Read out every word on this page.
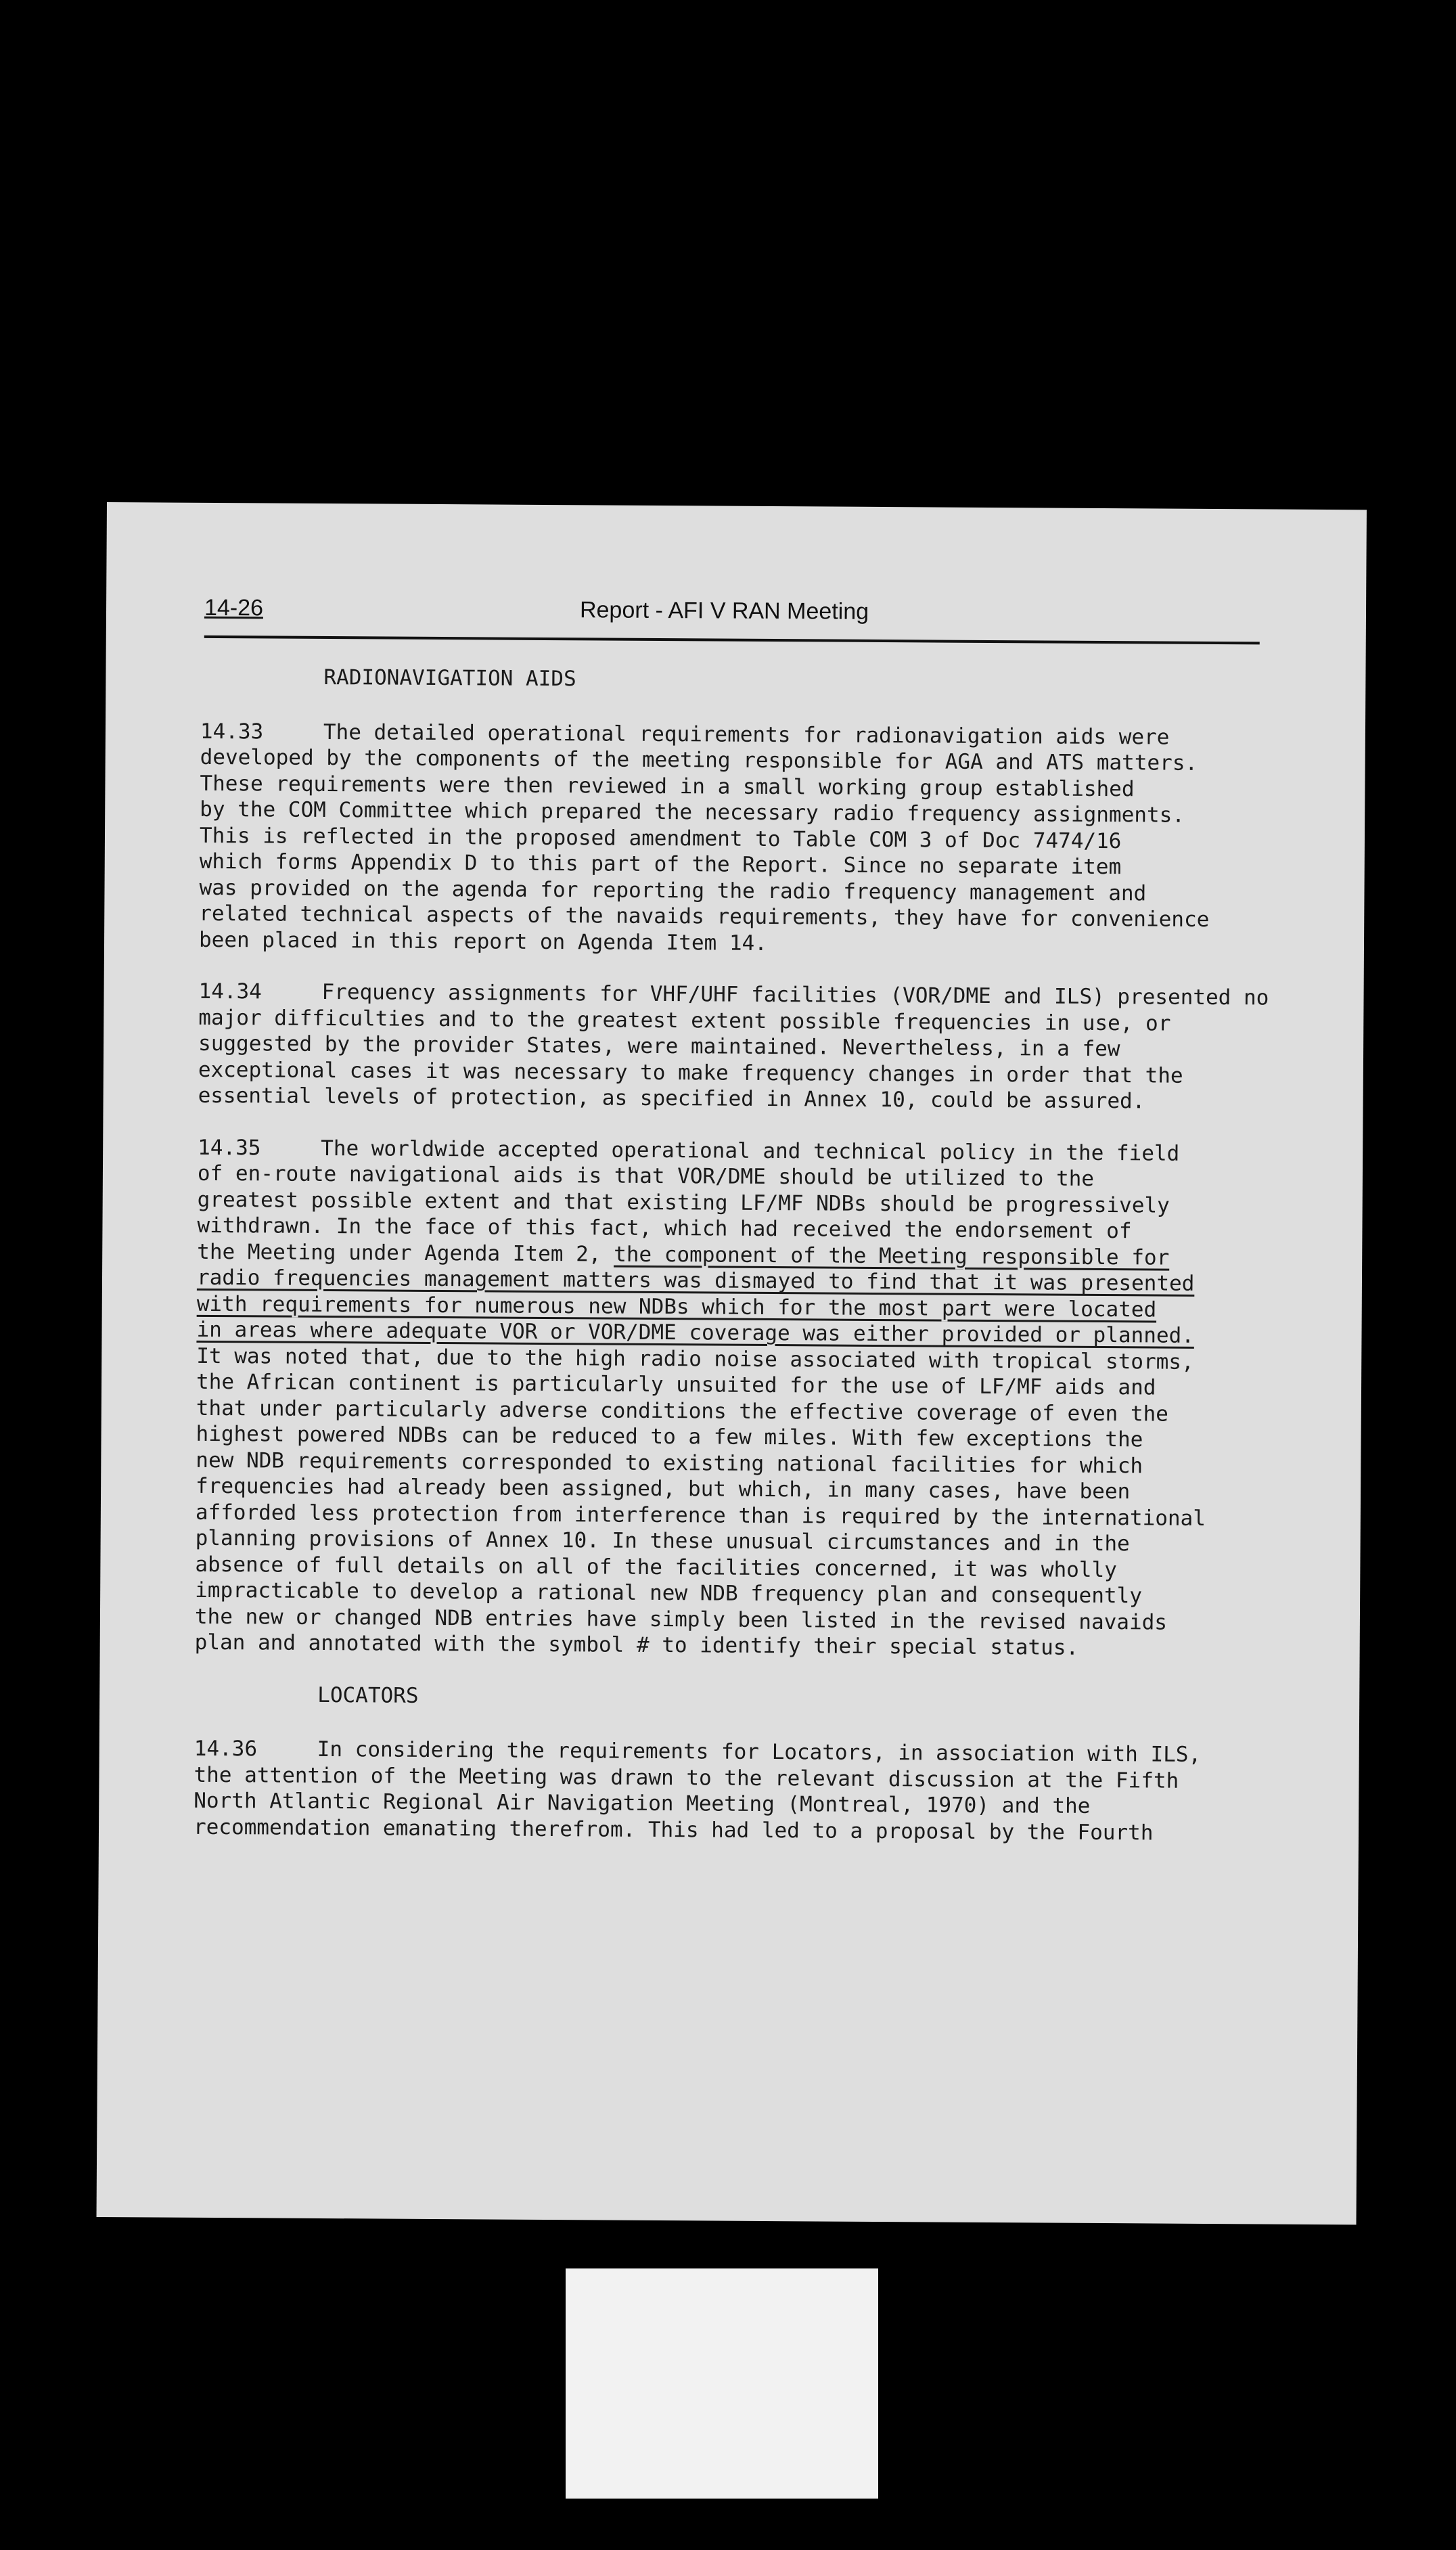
14-26	Report - AFI V RAN Meeting
RADIONAVIGATION AIDS
14.33	The detailed operational requirements for radionavigation aids were
developed by the components of the meeting responsible for AGA and ATS matters.
These requirements were then reviewed in a small working group established
by the COM Committee which prepared the necessary radio frequency assignments.
This is reflected in the proposed amendment to Table COM 3 of Doc 7474/16
which forms Appendix D to this part of the Report. Since no separate item
was provided on the agenda for reporting the radio frequency management and
related technical aspects of the navaids requirements, they have for convenience
been placed in this report on Agenda Item 14.
14.34	Frequency assignments for VHF/UHF facilities (VOR/DME and ILS) presented no
major difficulties and to the greatest extent possible frequencies in use, or
suggested by the provider States, were maintained. Nevertheless, in a few
exceptional cases it was necessary to make frequency changes in order that the
essential levels of protection, as specified in Annex 10, could be assured.
14.35	The worldwide accepted operational and technical policy in the field
of en-route navigational aids is that VOR/DME should be utilized to the
greatest possible extent and that existing LF/MF NDBs should be progressively
withdrawn. In the face of this fact, which had received the endorsement of
the Meeting under Agenda Item 2, the component of the Meeting responsible for
radio frequencies management matters was dismayed to find that it was presented
with requirements for numerous new NDBs which for the most part were located
in areas where adequate VOR or VOR/DME coverage was either provided or planned.
It was noted that, due to the high radio noise associated with tropical storms,
the African continent is particularly unsuited for the use of LF/MF aids and
that under particularly adverse conditions the effective coverage of even the
highest powered NDBs can be reduced to a few miles. With few exceptions the
new NDB requirements corresponded to existing national facilities for which
frequencies had already been assigned, but which, in many cases, have been
afforded less protection from interference than is required by the international
planning provisions of Annex 10. In these unusual circumstances and in the
absence of full details on all of the facilities concerned, it was wholly
impracticable to develop a rational new NDB frequency plan and consequently
the new or changed NDB entries have simply been listed in the revised navaids
plan and annotated with the symbol # to identify their special status.
LOCATORS
14.36	In considering the requirements for Locators, in association with ILS,
the attention of the Meeting was drawn to the relevant discussion at the Fifth
North Atlantic Regional Air Navigation Meeting (Montreal, 1970) and the
recommendation emanating therefrom. This had led to a proposal by the Fourth
